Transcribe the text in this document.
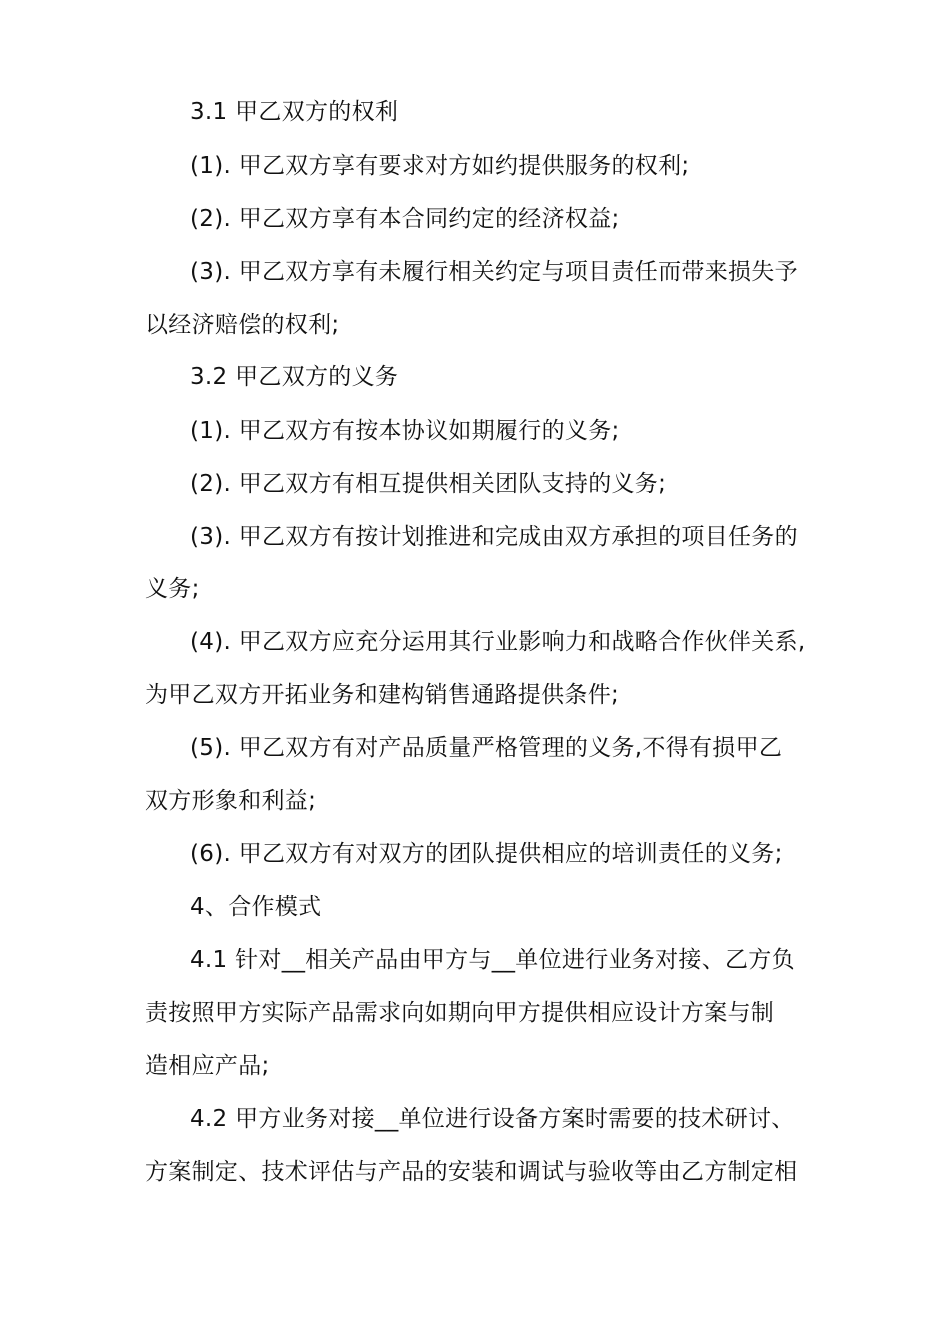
3.1 甲乙双方的权利
(1). 甲乙双方享有要求对方如约提供服务的权利;
(2). 甲乙双方享有本合同约定的经济权益;
(3). 甲乙双方享有未履行相关约定与项目责任而带来损失予
以经济赔偿的权利;
3.2 甲乙双方的义务
(1). 甲乙双方有按本协议如期履行的义务;
(2). 甲乙双方有相互提供相关团队支持的义务;
(3). 甲乙双方有按计划推进和完成由双方承担的项目任务的
义务;
(4). 甲乙双方应充分运用其行业影响力和战略合作伙伴关系,
为甲乙双方开拓业务和建构销售通路提供条件;
(5). 甲乙双方有对产品质量严格管理的义务,不得有损甲乙
双方形象和利益;
(6). 甲乙双方有对双方的团队提供相应的培训责任的义务;
4、合作模式
4.1 针对__相关产品由甲方与__单位进行业务对接、乙方负
责按照甲方实际产品需求向如期向甲方提供相应设计方案与制
造相应产品;
4.2 甲方业务对接__单位进行设备方案时需要的技术研讨、
方案制定、技术评估与产品的安装和调试与验收等由乙方制定相
